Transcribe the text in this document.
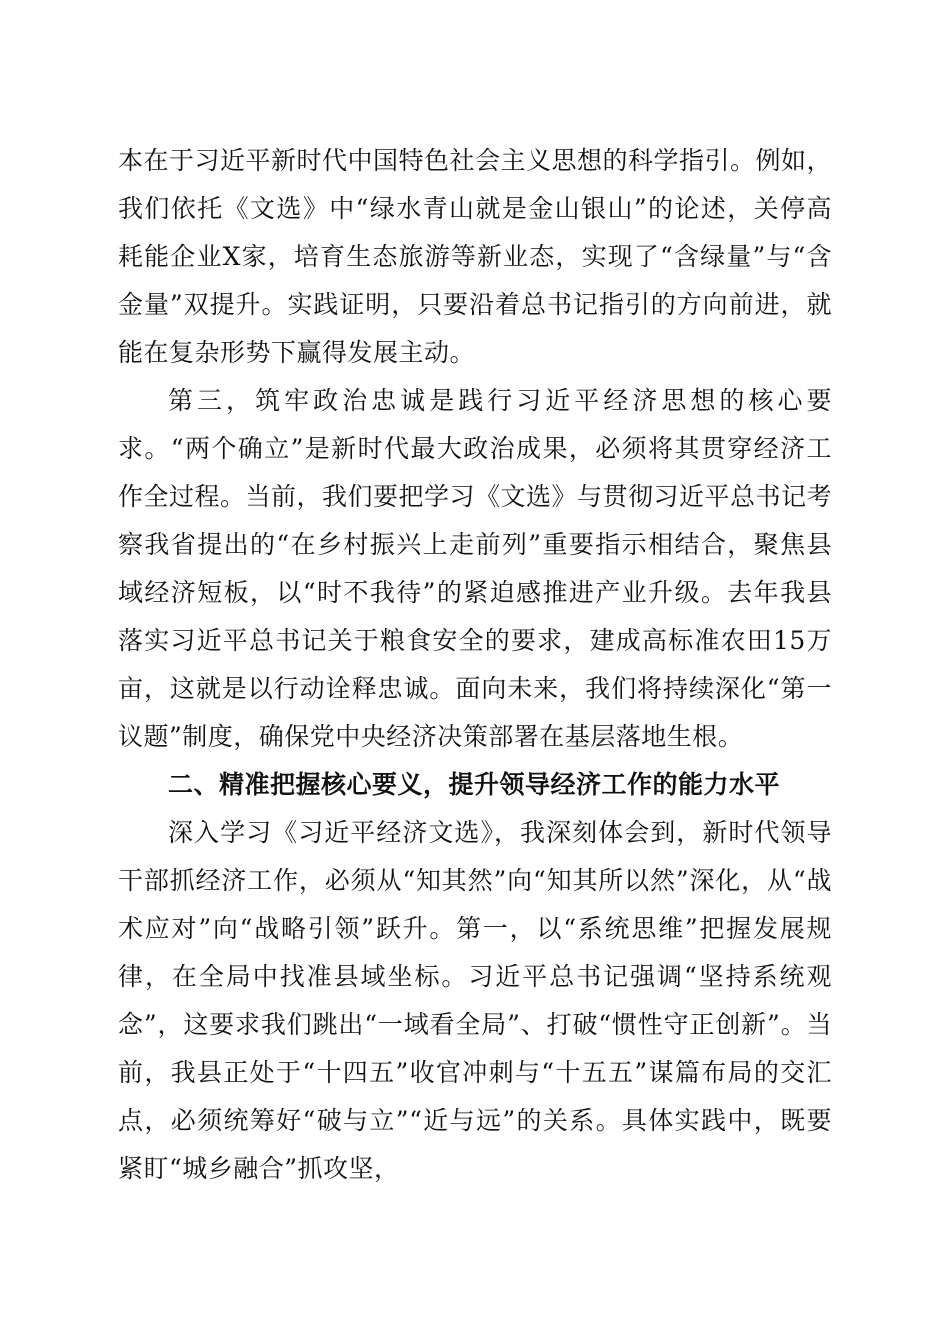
本在于习近平新时代中国特色社会主义思想的科学指引。例如，我们依托《文选》中“绿水青山就是金山银山”的论述，关停高耗能企业X家，培育生态旅游等新业态，实现了“含绿量”与“含金量”双提升。实践证明，只要沿着总书记指引的方向前进，就能在复杂形势下赢得发展主动。

第三，筑牢政治忠诚是践行习近平经济思想的核心要求。“两个确立”是新时代最大政治成果，必须将其贯穿经济工作全过程。当前，我们要把学习《文选》与贯彻习近平总书记考察我省提出的“在乡村振兴上走前列”重要指示相结合，聚焦县域经济短板，以“时不我待”的紧迫感推进产业升级。去年我县落实习近平总书记关于粮食安全的要求，建成高标准农田15万亩，这就是以行动诠释忠诚。面向未来，我们将持续深化“第一议题”制度，确保党中央经济决策部署在基层落地生根。

二、精准把握核心要义，提升领导经济工作的能力水平

深入学习《习近平经济文选》，我深刻体会到，新时代领导干部抓经济工作，必须从“知其然”向“知其所以然”深化，从“战术应对”向“战略引领”跃升。第一，以“系统思维”把握发展规律，在全局中找准县域坐标。习近平总书记强调“坚持系统观念”，这要求我们跳出“一域看全局”、打破“惯性守正创新”。当前，我县正处于“十四五”收官冲刺与“十五五”谋篇布局的交汇点，必须统筹好“破与立”“近与远”的关系。具体实践中，既要紧盯“城乡融合”抓攻坚，
